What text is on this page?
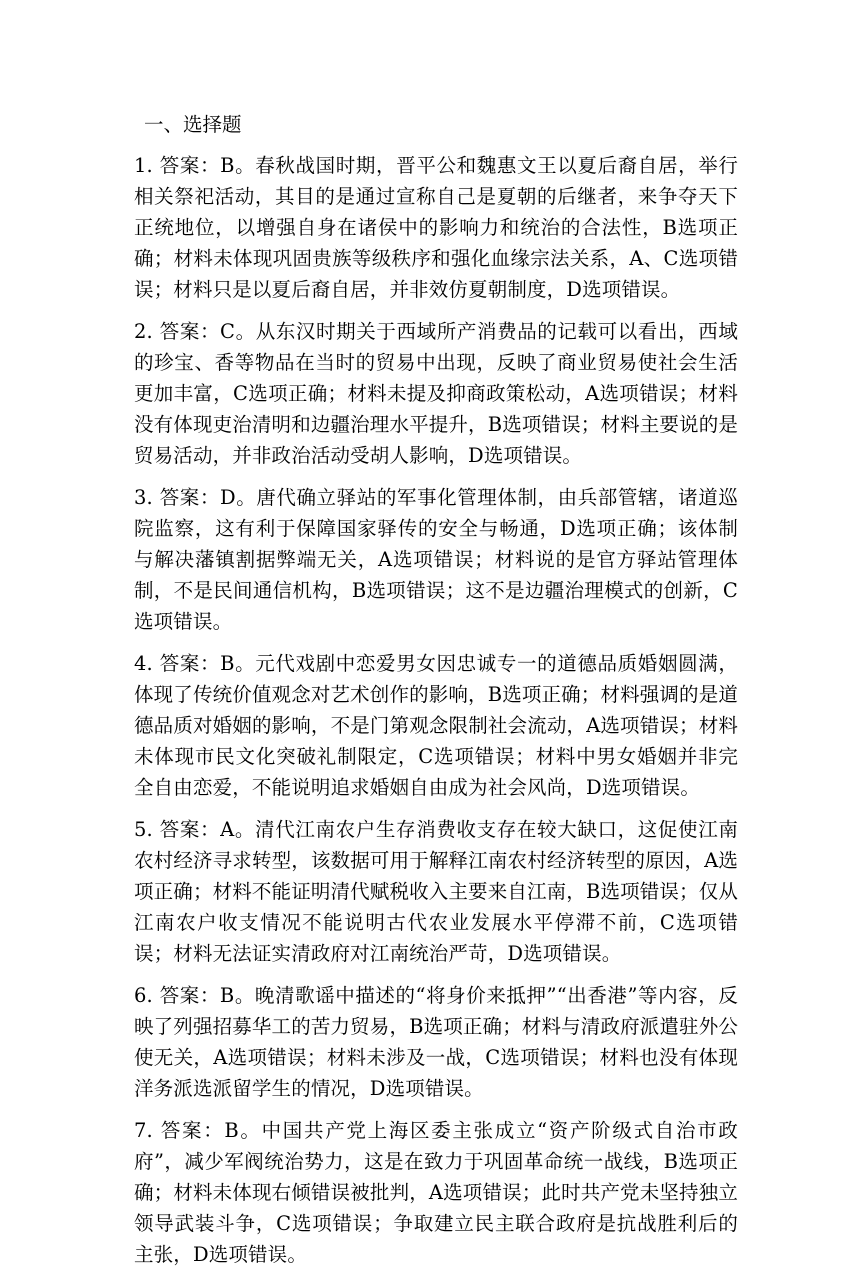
一、选择题
1. 答案：B。春秋战国时期，晋平公和魏惠文王以夏后裔自居，举行相关祭祀活动，其目的是通过宣称自己是夏朝的后继者，来争夺天下正统地位，以增强自身在诸侯中的影响力和统治的合法性，B选项正确；材料未体现巩固贵族等级秩序和强化血缘宗法关系，A、C选项错误；材料只是以夏后裔自居，并非效仿夏朝制度，D选项错误。
2. 答案：C。从东汉时期关于西域所产消费品的记载可以看出，西域的珍宝、香等物品在当时的贸易中出现，反映了商业贸易使社会生活更加丰富，C选项正确；材料未提及抑商政策松动，A选项错误；材料没有体现吏治清明和边疆治理水平提升，B选项错误；材料主要说的是贸易活动，并非政治活动受胡人影响，D选项错误。
3. 答案：D。唐代确立驿站的军事化管理体制，由兵部管辖，诸道巡院监察，这有利于保障国家驿传的安全与畅通，D选项正确；该体制与解决藩镇割据弊端无关，A选项错误；材料说的是官方驿站管理体制，不是民间通信机构，B选项错误；这不是边疆治理模式的创新，C选项错误。
4. 答案：B。元代戏剧中恋爱男女因忠诚专一的道德品质婚姻圆满，体现了传统价值观念对艺术创作的影响，B选项正确；材料强调的是道德品质对婚姻的影响，不是门第观念限制社会流动，A选项错误；材料未体现市民文化突破礼制限定，C选项错误；材料中男女婚姻并非完全自由恋爱，不能说明追求婚姻自由成为社会风尚，D选项错误。
5. 答案：A。清代江南农户生存消费收支存在较大缺口，这促使江南农村经济寻求转型，该数据可用于解释江南农村经济转型的原因，A选项正确；材料不能证明清代赋税收入主要来自江南，B选项错误；仅从江南农户收支情况不能说明古代农业发展水平停滞不前，C选项错误；材料无法证实清政府对江南统治严苛，D选项错误。
6. 答案：B。晚清歌谣中描述的“将身价来抵押”“出香港”等内容，反映了列强招募华工的苦力贸易，B选项正确；材料与清政府派遣驻外公使无关，A选项错误；材料未涉及一战，C选项错误；材料也没有体现洋务派选派留学生的情况，D选项错误。
7. 答案：B。中国共产党上海区委主张成立“资产阶级式自治市政府”，减少军阀统治势力，这是在致力于巩固革命统一战线，B选项正确；材料未体现右倾错误被批判，A选项错误；此时共产党未坚持独立领导武装斗争，C选项错误；争取建立民主联合政府是抗战胜利后的主张，D选项错误。
